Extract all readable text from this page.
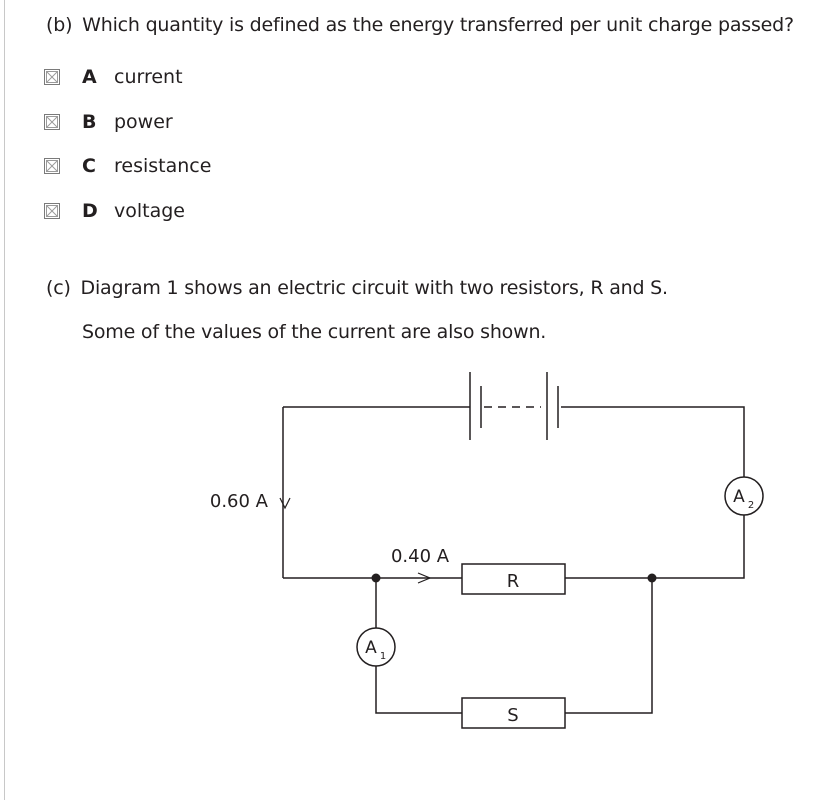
(b) Which quantity is defined as the energy transferred per unit charge passed?
A current
B power
C resistance
D voltage
(c) Diagram 1 shows an electric circuit with two resistors, R and S.
Some of the values of the current are also shown.
0.60 A
0.40 A
R
S
A 2
A 1
